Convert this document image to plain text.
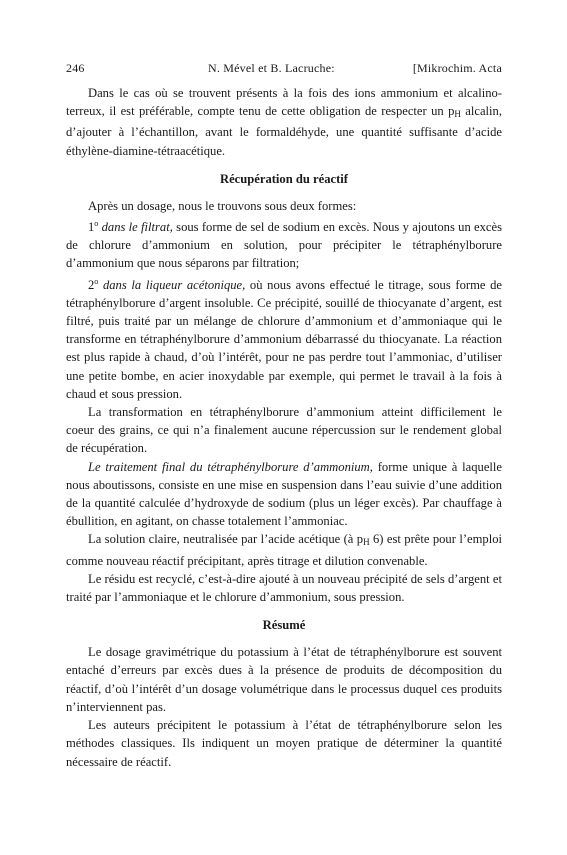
246	N. Mével et B. Lacruche:	[Mikrochim. Acta

Dans le cas où se trouvent présents à la fois des ions ammonium et alcalino-terreux, il est préférable, compte tenu de cette obligation de respecter un $p_H$ alcalin, d’ajouter à l’échantillon, avant le formaldéhyde, une quantité suffisante d’acide éthylène-diamine-tétraacétique.

Récupération du réactif

Après un dosage, nous le trouvons sous deux formes:

1$^o$ dans le filtrat, sous forme de sel de sodium en excès. Nous y ajoutons un excès de chlorure d’ammonium en solution, pour précipiter le tétraphénylborure d’ammonium que nous séparons par filtration;

2$^o$ dans la liqueur acétonique, où nous avons effectué le titrage, sous forme de tétraphénylborure d’argent insoluble. Ce précipité, souillé de thiocyanate d’argent, est filtré, puis traité par un mélange de chlorure d’ammonium et d’ammoniaque qui le transforme en tétraphénylborure d’ammonium débarrassé du thiocyanate. La réaction est plus rapide à chaud, d’où l’intérêt, pour ne pas perdre tout l’ammoniac, d’utiliser une petite bombe, en acier inoxydable par exemple, qui permet le travail à la fois à chaud et sous pression.

La transformation en tétraphénylborure d’ammonium atteint difficilement le coeur des grains, ce qui n’a finalement aucune répercussion sur le rendement global de récupération.

Le traitement final du tétraphénylborure d’ammonium, forme unique à laquelle nous aboutissons, consiste en une mise en suspension dans l’eau suivie d’une addition de la quantité calculée d’hydroxyde de sodium (plus un léger excès). Par chauffage à ébullition, en agitant, on chasse totalement l’ammoniac.

La solution claire, neutralisée par l’acide acétique (à $p_H$ 6) est prête pour l’emploi comme nouveau réactif précipitant, après titrage et dilution convenable.

Le résidu est recyclé, c’est-à-dire ajouté à un nouveau précipité de sels d’argent et traité par l’ammoniaque et le chlorure d’ammonium, sous pression.

Résumé

Le dosage gravimétrique du potassium à l’état de tétraphénylborure est souvent entaché d’erreurs par excès dues à la présence de produits de décomposition du réactif, d’où l’intérêt d’un dosage volumétrique dans le processus duquel ces produits n’interviennent pas.

Les auteurs précipitent le potassium à l’état de tétraphénylborure selon les méthodes classiques. Ils indiquent un moyen pratique de déterminer la quantité nécessaire de réactif.
